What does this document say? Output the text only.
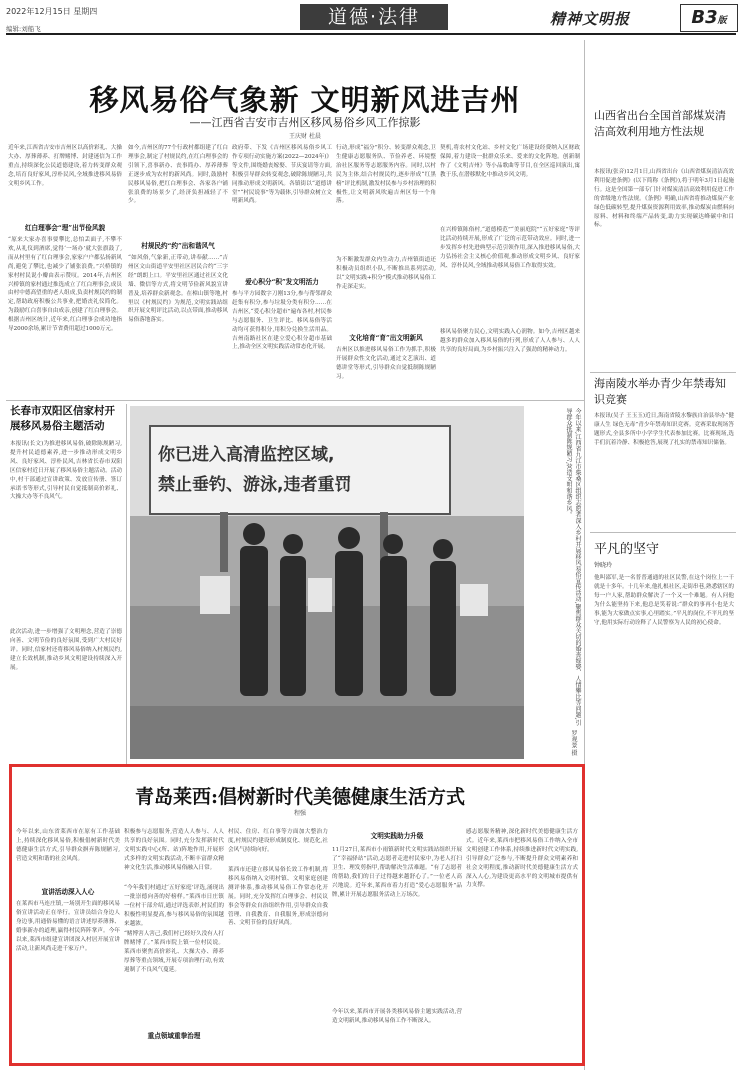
2022年12月15日 星期四
编辑:刘船飞
道德·法律	精神文明报	B3版
移风易俗气象新 文明新风进吉州
——江西省吉安市吉州区移风易俗乡风工作掠影
王庆财 杜晨
近年来,江西省吉安市吉州区以高价彩礼、大操大办、厚葬薄养、打牌赌博、封建迷信为工作重点,持续深化公民道德建设,着力转变群众观念,培育良好家风,淳朴民风,全域推进移风易俗文明乡风工作。
红白理事会“理”出节俭风貌
“原来大家办喜事要攀比,总怕丢面子,不攀不欢,从礼仪到酒席,觉得‘一场办’就大张旗鼓了,而从村里有了红白理事会,家家户户都弘扬新风尚,避免了攀比,也减少了铺张浪费。”兴桥镇的家村村民说小瓣由表示赞叹。2014年,吉州区兴桥镇的家村通过推选成立了红白理事会,成员由村中德高望重的老人组成,负责村规民约的制定,帮助政府积极公共事业,把婚丧礼仪简化。为鼓励红白喜事自由成亲,创建了红白理事会。根据吉州区统计,近年来,红白理事会成功地指导2000余场,累计节省费用超过1000万元。
如今,吉州区的77个行政村都组建了红白理事会,制定了村规民约,在红白理事会的引领下,喜事新办、丧事简办、厚养薄葬正逐步成为农村的新风尚。同时,鼓励村民移风易俗,把红白理事会、各家各户铺张浪费的场景少了,经济负担减轻了不少。
村规民约“约”出和谐风气
“如风俗,气象新,正带动,讲奉献……”吉州区文山街道平安里社区居民合约“三字经”朗朗上口。平安里社区通过社区文化墙、微信等方式,将文明节俭新风貌宣讲普及,培养群众新观念。在樟山镇等地,村里以《村规民约》为规范,文明实践站组织开展文明评比活动,以点带面,推动移风易俗落地落实。
政府带、下发《吉州区移风易俗乡风工作专项行动实施方案(2022—2024年)》等文件,围绕婚丧嫁娶、节庆宴请等方面,积极引导群众转变观念,破除陈规陋习,共同推动形成文明新风。各镇街以“道德讲堂”“村民说事”等为载体,引导群众树立文明新风尚。
爱心积分“积”发文明活力
参与平方园数字刀刚13分,参与帮邻群众赶集有积分,参与垃圾分类有积分……在吉州区,“爱心积分超市”遍布各村,村民参与志愿服务、卫生评比、移风易俗等活动均可获得积分,用积分兑换生活用品。吉州南路社区在建立爱心积分超市基础上,推动全区文明实践活动常态化开展。
行动,形成“福分”积分、转变群众观念,卫生健康志愿服务队、节俭养老、环境整治社区服务等志愿服务内容。同时,以村民为主体,结合村规民约,逐步形成“红黑榜”评比机制,激发村民参与乡村治理的积极性,让文明新风吹遍吉州区每一个角落。
为不断激发群众内生动力,吉州镇街道还积极动员组织小队,不断推出系列活动,以“文明实践+积分”模式推动移风易俗工作走深走实。
文化培育“育”出文明新风
吉州区以推进移风易俗工作为抓手,积极开展群众性文化活动,通过文艺演出、道德讲堂等形式,引导群众自觉抵制陈规陋习。
契机,将农村文化站、乡村文化广场建设经费纳入区财政保障,着力建设一批群众乐来、爱来的文化阵地。创新制作了《文明吉州》等小品歌曲等节目,在全区巡回演出,寓教于乐,在潜移默化中推动乡风文明。
在兴桥镇陈俗村,“道德模范”“美丽庭院”“五好家庭”等评比活动持续开展,形成了广泛的示范带动效应。同时,进一步发挥乡村先进典型示范引领作用,深入推进移风易俗,大力弘扬社会主义核心价值观,推动形成文明乡风、良好家风、淳朴民风,全域推动移风易俗工作取得实效。
移风易俗聚力民心,文明实践入心润物。如今,吉州区越来越多的群众加入移风易俗的行列,形成了人人参与、人人共享的良好局面,为乡村振兴注入了强劲的精神动力。
长春市双阳区信家村开展移风易俗主题活动
本报讯(长文)为推进移风易俗,破除陈规陋习,提升村民道德素养,进一步推动形成文明乡风、良好家风、淳朴民风,吉林省长春市双阳区信家村近日开展了移风易俗主题活动。活动中,村干部通过宣讲政策、发放宣传册、签订承诺书等形式,引导村民自觉抵制高价彩礼、大操大办等不良风气。
此次活动,进一步增强了文明理念,营造了崇德向善、文明节俭的良好氛围,受到广大村民好评。同时,信家村还将移风易俗纳入村规民约,建立长效机制,推动乡风文明建设持续深入开展。
你已进入高清监控区域,
禁止垂钓、游泳,违者重罚	今年以来,江西省九江市柴桑区组织志愿者深入乡村开展移风易俗宣传活动,聚焦群众关切的婚丧嫁娶、人情攀比等问题,引导群众抵制陈规陋习,营造文明和谐乡风。
罗观景 摄
山西省出台全国首部煤炭清洁高效利用地方性法规
本报讯(张音)12月1日,山西省出台《山西省煤炭清洁高效利用促进条例》(以下简称《条例》),将于明年3月1日起施行。这是全国第一部专门针对煤炭清洁高效利用促进工作的省级地方性法规。《条例》明确,山西省将推动煤炭产业绿色低碳转型,提升煤炭资源利用效率,推动煤炭由燃料向原料、材料和终端产品转变,助力实现碳达峰碳中和目标。
海南陵水举办青少年禁毒知识竞赛
本报讯(吴子 王玉玉)近日,海南省陵水黎族自治县举办“健康人生 绿色无毒”青少年禁毒知识竞赛。竞赛采取现场答题形式,全县多所中小学学生代表参加比赛。比赛现场,选手们沉着冷静、积极抢答,展现了扎实的禁毒知识储备。
平凡的坚守
钟晓玲
他叫邵军,是一名普普通通的社区民警,在这个岗位上一干就是十多年。十几年来,他扎根社区,走街串巷,熟悉辖区的每一户人家,帮助群众解决了一个又一个难题。有人问他为什么能坚持下来,他总是笑着说:“群众的事再小也是大事,能为大家做点实事,心里踏实。”平凡的岗位,不平凡的坚守,他用实际行动诠释了人民警察为人民的初心使命。
青岛莱西:倡树新时代美德健康生活方式
程强
今年以来,山东省莱西市在原有工作基础上,持续深化移风易俗,积极倡树新时代美德健康生活方式,引导群众摒弃陈规陋习,营造文明和谐的社会风尚。
宣讲活动深入人心
在莱西市马连庄镇,一场别开生面的移风易俗宣讲活动正在举行。宣讲员结合身边人身边事,用通俗易懂的语言讲述厚养薄葬、婚事新办的道理,赢得村民阵阵掌声。今年以来,莱西市组建宣讲团深入村居开展宣讲活动,让新风尚走进千家万户。
积极参与志愿服务,营造人人参与、人人共享的良好氛围。同时,充分发挥新时代文明实践中心(所、站)阵地作用,开展形式多样的文明实践活动,不断丰富群众精神文化生活,推动移风易俗融入日常。
“今年我们村通过‘五好家庭’评选,涌现出一批崇德向善的好榜样。”莱西市日庄镇一位村干部介绍,通过评选表彰,村民们的积极性明显提高,参与移风易俗的氛围越来越浓。
重点领域重拳治理
“赌博害人害己,我们村已经好久没有人打牌赌博了。”莱西市院上镇一位村民说。莱西市聚焦高价彩礼、大操大办、薄养厚葬等重点领域,开展专项治理行动,有效遏制了不良风气蔓延。
村民、住房、红白事等方面加大整治力度,村规民约建设形成制度化、规范化,社会风气持续向好。
莱西市还建立移风易俗长效工作机制,将移风易俗纳入文明村镇、文明家庭创建测评体系,推动移风易俗工作常态化开展。同时,充分发挥红白理事会、村民议事会等群众自治组织作用,引导群众自我管理、自我教育、自我服务,形成崇德向善、文明节俭的良好风尚。
文明实践助力升级
11月27日,莱西市小雨镇新时代文明实践站组织开展了“幸福驿站”活动,志愿者走进村民家中,为老人打扫卫生、理发剪指甲,帮助解决生活难题。“有了志愿者的帮助,我们的日子过得越来越舒心了。”一位老人高兴地说。近年来,莱西市着力打造“爱心志愿服务”品牌,累计开展志愿服务活动上万场次。
今年以来,莱西市开展各类移风易俗主题实践活动,营造文明新风,推动移风易俗工作不断深入。
感志愿服务精神,深化新时代美德健康生活方式。近年来,莱西市把移风易俗工作纳入全市文明创建工作体系,持续推进新时代文明实践,引导群众广泛参与,不断提升群众文明素养和社会文明程度,推动新时代美德健康生活方式深入人心,为建设更高水平的文明城市提供有力支撑。
